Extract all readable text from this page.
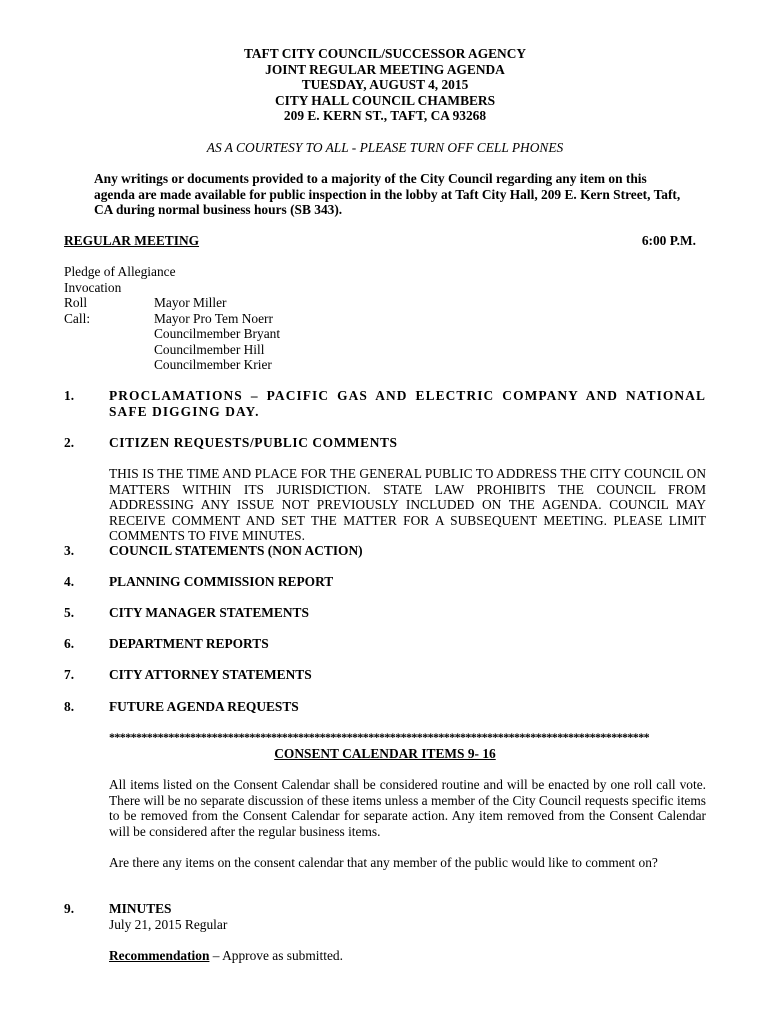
TAFT CITY COUNCIL/SUCCESSOR AGENCY
JOINT REGULAR MEETING AGENDA
TUESDAY, AUGUST 4, 2015
CITY HALL COUNCIL CHAMBERS
209 E. KERN ST., TAFT, CA 93268
AS A COURTESY TO ALL - PLEASE TURN OFF CELL PHONES
Any writings or documents provided to a majority of the City Council regarding any item on this agenda are made available for public inspection in the lobby at Taft City Hall, 209 E. Kern Street, Taft, CA during normal business hours (SB 343).
REGULAR MEETING	6:00 P.M.
Pledge of Allegiance
Invocation
Roll Call:
Mayor Miller
Mayor Pro Tem Noerr
Councilmember Bryant
Councilmember Hill
Councilmember Krier
1.	PROCLAMATIONS – PACIFIC GAS AND ELECTRIC COMPANY AND NATIONAL SAFE DIGGING DAY.
2.	CITIZEN REQUESTS/PUBLIC COMMENTS
THIS IS THE TIME AND PLACE FOR THE GENERAL PUBLIC TO ADDRESS THE CITY COUNCIL ON MATTERS WITHIN ITS JURISDICTION. STATE LAW PROHIBITS THE COUNCIL FROM ADDRESSING ANY ISSUE NOT PREVIOUSLY INCLUDED ON THE AGENDA. COUNCIL MAY RECEIVE COMMENT AND SET THE MATTER FOR A SUBSEQUENT MEETING. PLEASE LIMIT COMMENTS TO FIVE MINUTES.
3.	COUNCIL STATEMENTS (NON ACTION)
4.	PLANNING COMMISSION REPORT
5.	CITY MANAGER STATEMENTS
6.	DEPARTMENT REPORTS
7.	CITY ATTORNEY STATEMENTS
8.	FUTURE AGENDA REQUESTS
****************************************************************************************************
CONSENT CALENDAR ITEMS 9- 16
All items listed on the Consent Calendar shall be considered routine and will be enacted by one roll call vote. There will be no separate discussion of these items unless a member of the City Council requests specific items to be removed from the Consent Calendar for separate action. Any item removed from the Consent Calendar will be considered after the regular business items.
Are there any items on the consent calendar that any member of the public would like to comment on?
9.	MINUTES
July 21, 2015 Regular
Recommendation – Approve as submitted.
